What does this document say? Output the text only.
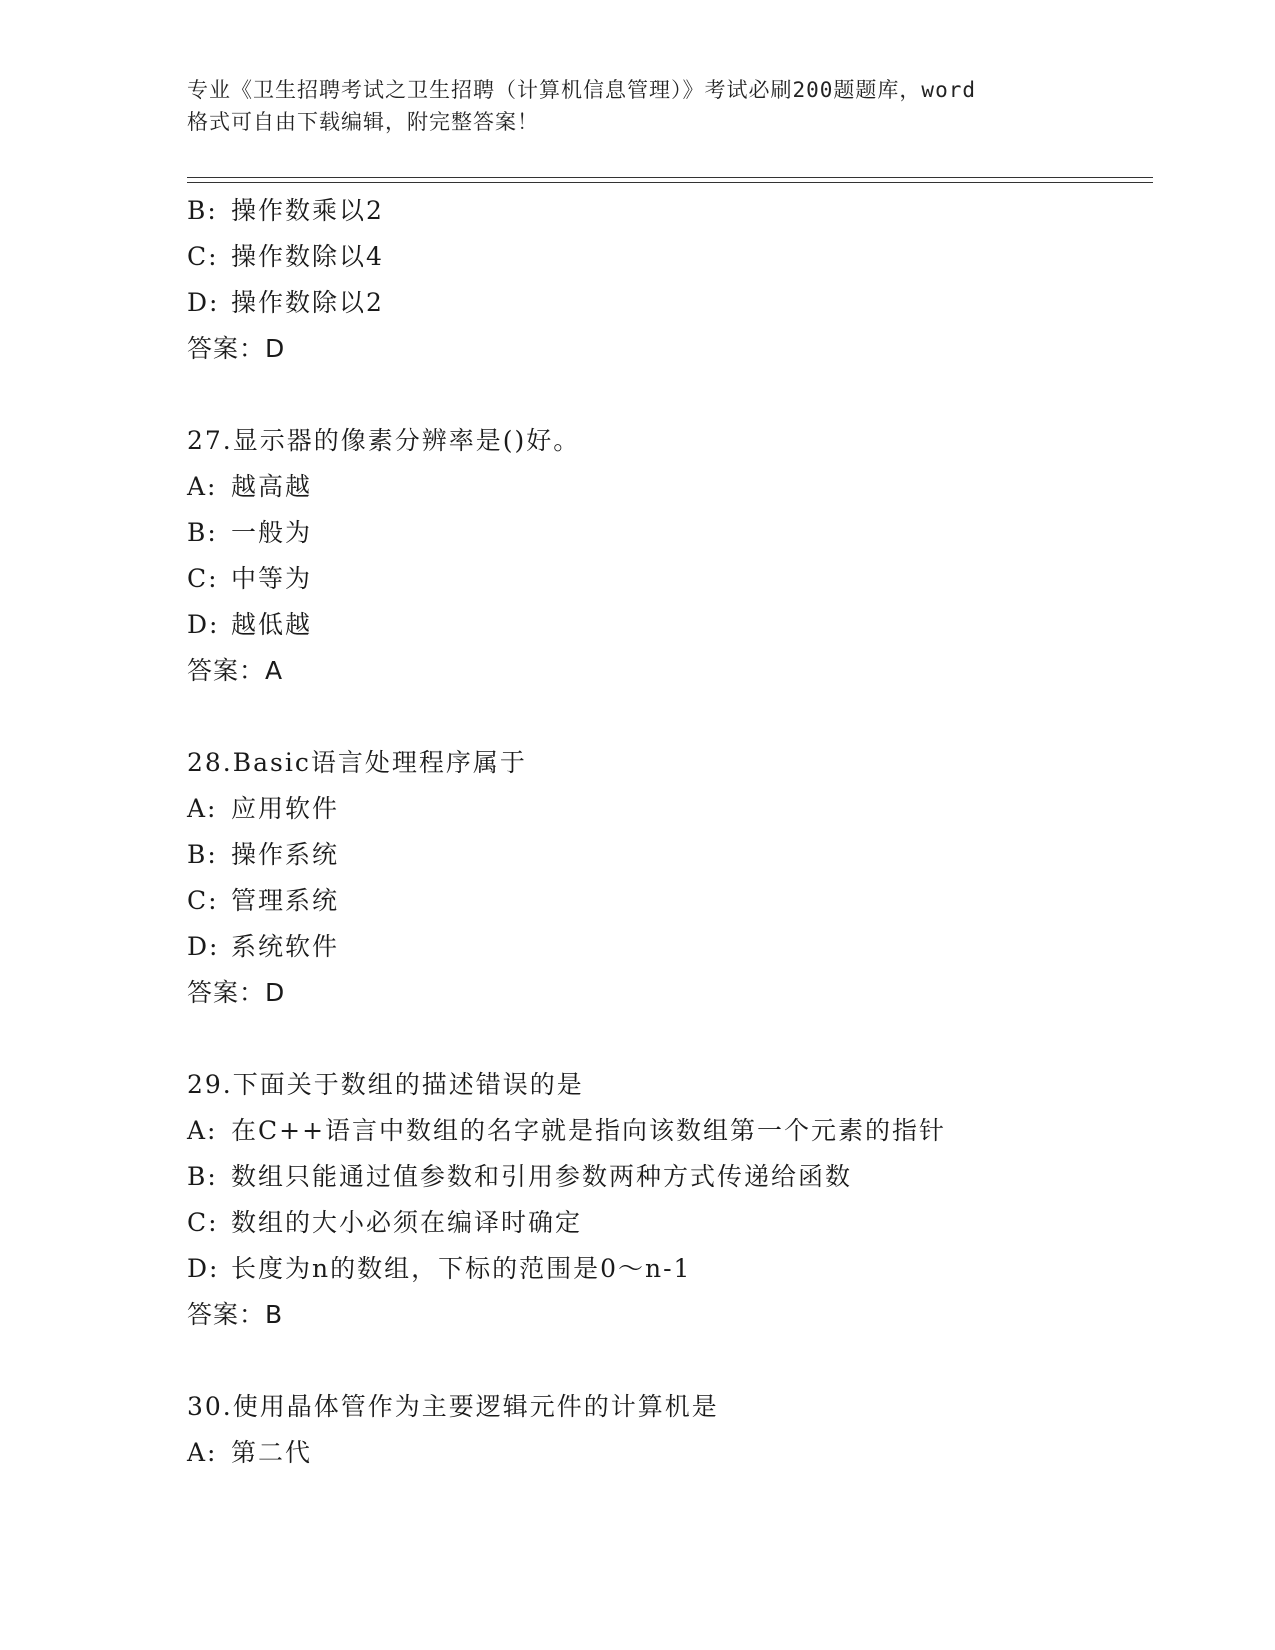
专业《卫生招聘考试之卫生招聘（计算机信息管理）》考试必刷200题题库，word
格式可自由下载编辑，附完整答案！
B: 操作数乘以2
C: 操作数除以4
D: 操作数除以2
答案：D
27.显示器的像素分辨率是()好。
A: 越高越
B: 一般为
C: 中等为
D: 越低越
答案：A
28.Basic语言处理程序属于
A: 应用软件
B: 操作系统
C: 管理系统
D: 系统软件
答案：D
29.下面关于数组的描述错误的是
A: 在C++语言中数组的名字就是指向该数组第一个元素的指针
B: 数组只能通过值参数和引用参数两种方式传递给函数
C: 数组的大小必须在编译时确定
D: 长度为n的数组，下标的范围是0～n-1
答案：B
30.使用晶体管作为主要逻辑元件的计算机是
A: 第二代
